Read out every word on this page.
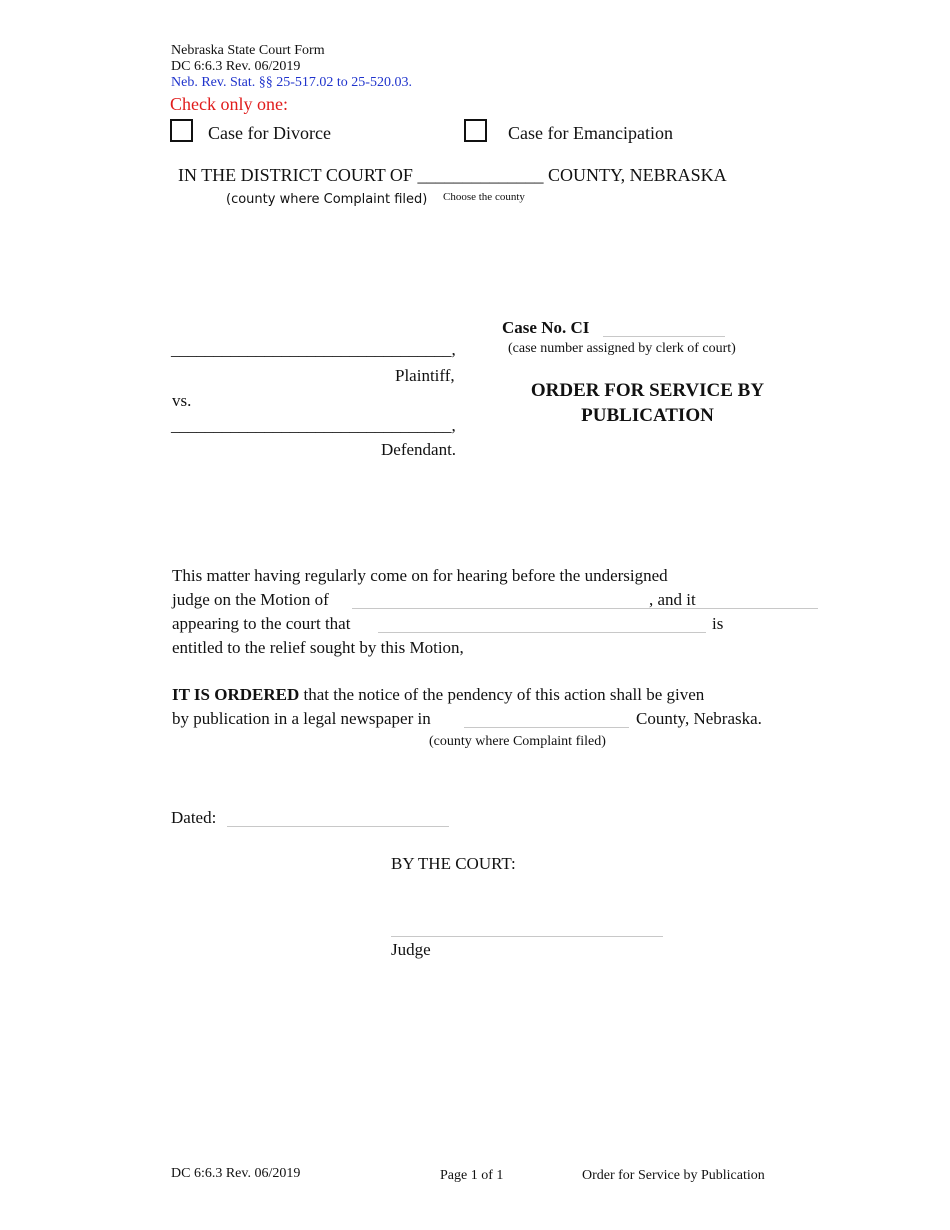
Nebraska State Court Form
DC 6:6.3 Rev. 06/2019
Neb. Rev. Stat. §§ 25-517.02 to 25-520.03.
Check only one:
Case for Divorce	Case for Emancipation
IN THE DISTRICT COURT OF ______________ COUNTY, NEBRASKA
(county where Complaint filed) Choose the county
Case No. CI
(case number assigned by clerk of court)
_________________________________,
Plaintiff,
vs.
_________________________________,
Defendant.
ORDER FOR SERVICE BY
PUBLICATION
This matter having regularly come on for hearing before the undersigned
judge on the Motion of	, and it
appearing to the court that	is
entitled to the relief sought by this Motion,
IT IS ORDERED that the notice of the pendency of this action shall be given
by publication in a legal newspaper in	County, Nebraska.
(county where Complaint filed)
Dated:
BY THE COURT:
Judge
DC 6:6.3 Rev. 06/2019	Page 1 of 1	Order for Service by Publication
